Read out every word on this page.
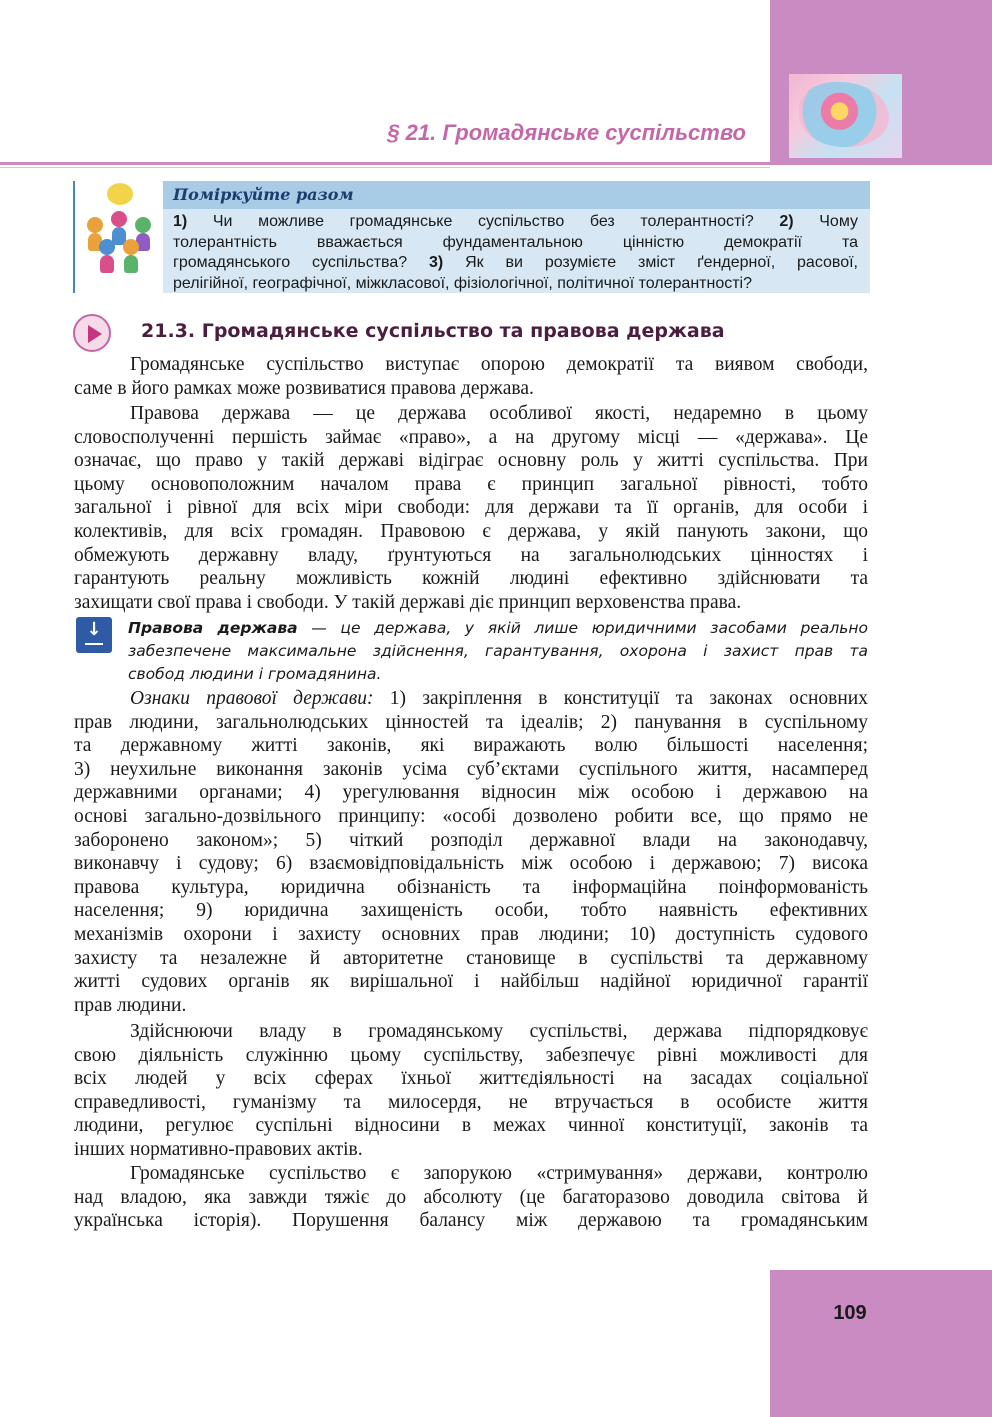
§ 21. Громадянське суспільство
Поміркуйте разом
1) Чи можливе громадянське суспільство без толерантності? 2) Чому
толерантність вважається фундаментальною цінністю демократії та
громадянського суспільства? 3) Як ви розумієте зміст ґендерної, расової,
релігійної, географічної, міжкласової, фізіологічної, політичної толерантності?
21.3. Громадянське суспільство та правова держава
Громадянське суспільство виступає опорою демократії та виявом свободи,
саме в його рамках може розвиватися правова держава.
Правова держава — це держава особливої якості, недаремно в цьому
словосполученні першість займає «право», а на другому місці — «держава». Це
означає, що право у такій державі відіграє основну роль у житті суспільства. При
цьому основоположним началом права є принцип загальної рівності, тобто
загальної і рівної для всіх міри свободи: для держави та її органів, для особи і
колективів, для всіх громадян. Правовою є держава, у якій панують закони, що
обмежують державну владу, ґрунтуються на загальнолюдських цінностях і
гарантують реальну можливість кожній людині ефективно здійснювати та
захищати свої права і свободи. У такій державі діє принцип верховенства права.
↓
Правова держава — це держава, у якій лише юридичними засобами реально
забезпечене максимальне здійснення, гарантування, охорона і захист прав та
свобод людини і громадянина.
Ознаки правової держави: 1) закріплення в конституції та законах основних
прав людини, загальнолюдських цінностей та ідеалів; 2) панування в суспільному
та державному житті законів, які виражають волю більшості населення;
3) неухильне виконання законів усіма суб’єктами суспільного життя, насамперед
державними органами; 4) урегулювання відносин між особою і державою на
основі загально-дозвільного принципу: «особі дозволено робити все, що прямо не
заборонено законом»; 5) чіткий розподіл державної влади на законодавчу,
виконавчу і судову; 6) взаємовідповідальність між особою і державою; 7) висока
правова культура, юридична обізнаність та інформаційна поінформованість
населення; 9) юридична захищеність особи, тобто наявність ефективних
механізмів охорони і захисту основних прав людини; 10) доступність судового
захисту та незалежне й авторитетне становище в суспільстві та державному
житті судових органів як вирішальної і найбільш надійної юридичної гарантії
прав людини.
Здійснюючи владу в громадянському суспільстві, держава підпорядковує
свою діяльність служінню цьому суспільству, забезпечує рівні можливості для
всіх людей у всіх сферах їхньої життєдіяльності на засадах соціальної
справедливості, гуманізму та милосердя, не втручається в особисте життя
людини, регулює суспільні відносини в межах чинної конституції, законів та
інших нормативно-правових актів.
Громадянське суспільство є запорукою «стримування» держави, контролю
над владою, яка завжди тяжіє до абсолюту (це багаторазово доводила світова й
українська історія). Порушення балансу між державою та громадянським
109
